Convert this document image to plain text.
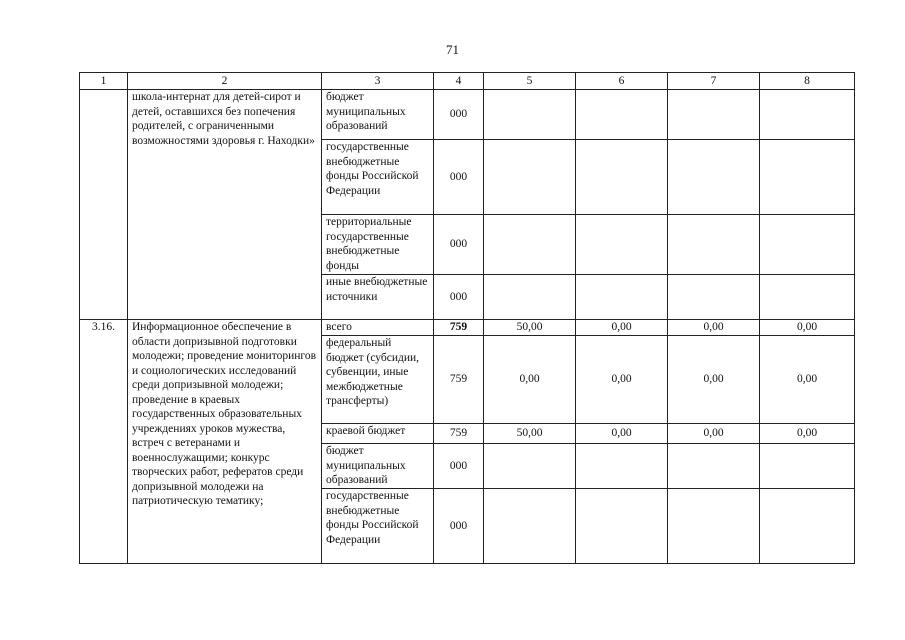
71
1	2	3	4	5	6	7	8
	школа-интернат для детей-сирот и детей, оставшихся без попечения родителей, с ограниченными возможностями здоровья г. Находки»	бюджет муниципальных образований	000				
		государственные внебюджетные фонды Российской Федерации	000				
		территориальные государственные внебюджетные фонды	000				
		иные внебюджетные источники	000				
3.16.	Информационное обеспечение в области допризывной подготовки молодежи; проведение мониторингов и социологических исследований среди допризывной молодежи; проведение в краевых государственных образовательных учреждениях уроков мужества, встреч с ветеранами и военнослужащими; конкурс творческих работ, рефератов среди допризывной молодежи на патриотическую тематику;	всего	759	50,00	0,00	0,00	0,00
		федеральный бюджет (субсидии, субвенции, иные межбюджетные трансферты)	759	0,00	0,00	0,00	0,00
		краевой бюджет	759	50,00	0,00	0,00	0,00
		бюджет муниципальных образований	000				
		государственные внебюджетные фонды Российской Федерации	000				
